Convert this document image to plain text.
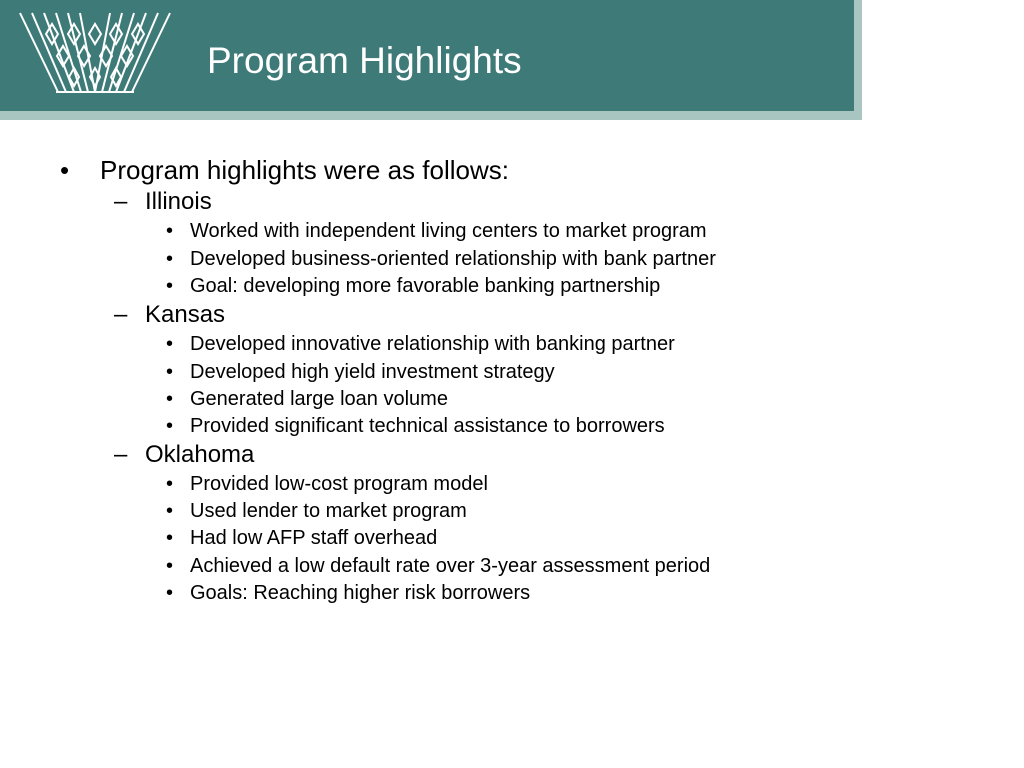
Program Highlights
• Program highlights were as follows:
– Illinois
• Worked with independent living centers to market program
• Developed business-oriented relationship with bank partner
• Goal: developing more favorable banking partnership
– Kansas
• Developed innovative relationship with banking partner
• Developed high yield investment strategy
• Generated large loan volume
• Provided significant technical assistance to borrowers
– Oklahoma
• Provided low-cost program model
• Used lender to market program
• Had low AFP staff overhead
• Achieved a low default rate over 3-year assessment period
• Goals: Reaching higher risk borrowers
